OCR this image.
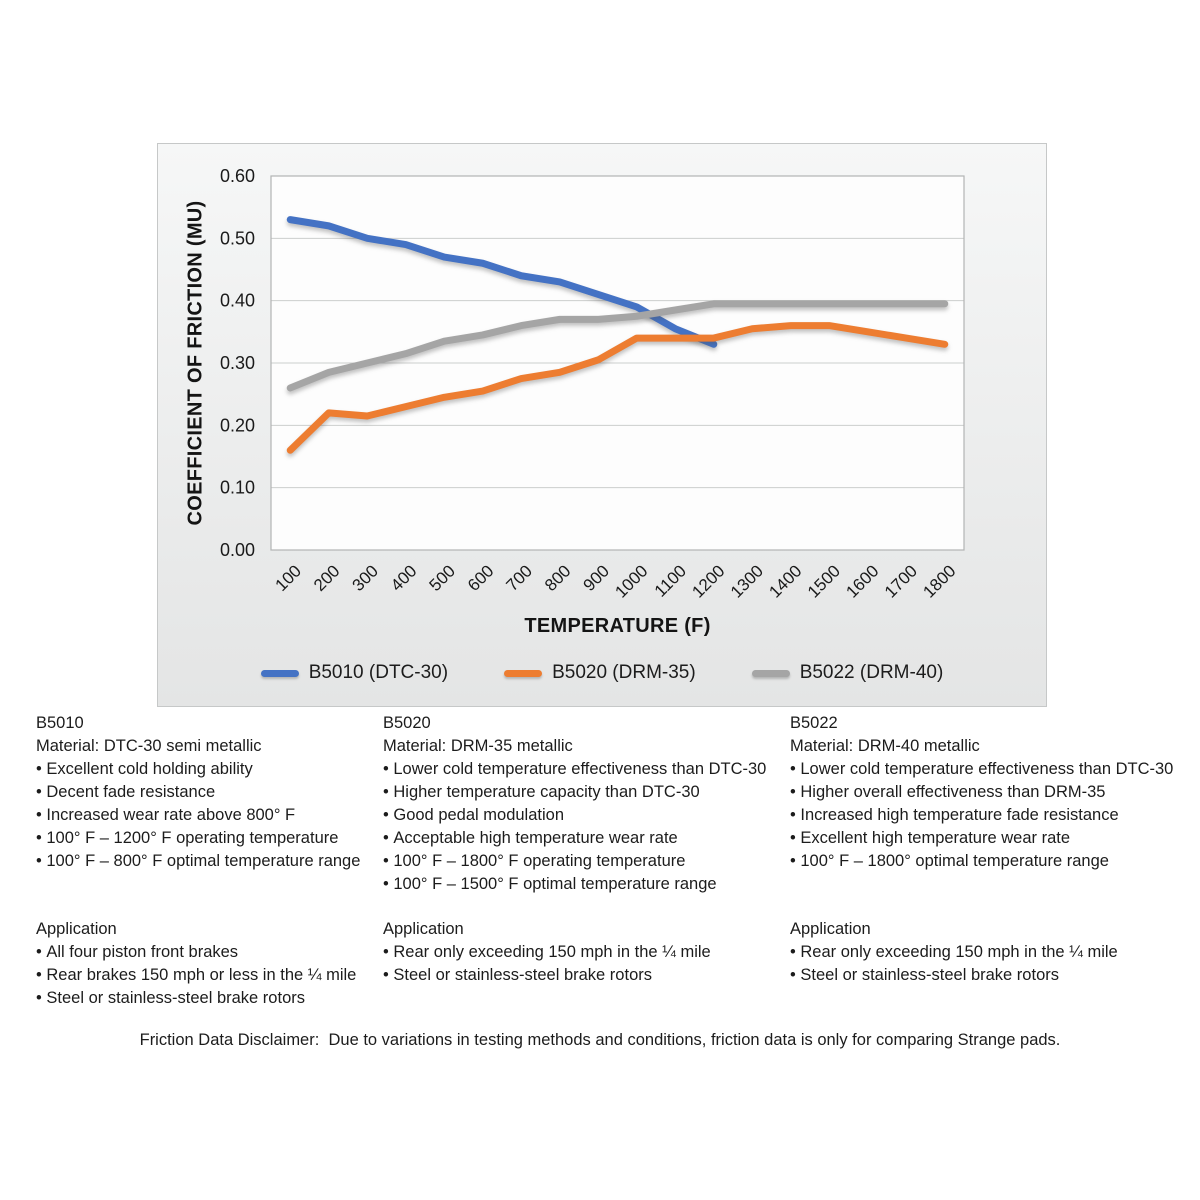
0.00
0.10
0.20
0.30
0.40
0.50
0.60
100 200 300 400 500 600 700 800 900
1000 1100
1200
1300
1400
1500
1600
1700
1800
COEFFICIENT OF FRICTION (MU)
TEMPERATURE (F)
B5010 (DTC-30)	B5020 (DRM-35)	B5022 (DRM-40)
B5010
Material: DTC-30 semi metallic
• Excellent cold holding ability
• Decent fade resistance
• Increased wear rate above 800° F
• 100° F – 1200° F operating temperature
• 100° F – 800° F optimal temperature range
Application
• All four piston front brakes
• Rear brakes 150 mph or less in the ¼ mile
• Steel or stainless-steel brake rotors
B5020
Material: DRM-35 metallic
• Lower cold temperature effectiveness than DTC-30
• Higher temperature capacity than DTC-30
• Good pedal modulation
• Acceptable high temperature wear rate
• 100° F – 1800° F operating temperature
• 100° F – 1500° F optimal temperature range
Application
• Rear only exceeding 150 mph in the ¼ mile
• Steel or stainless-steel brake rotors
B5022
Material: DRM-40 metallic
• Lower cold temperature effectiveness than DTC-30
• Higher overall effectiveness than DRM-35
• Increased high temperature fade resistance
• Excellent high temperature wear rate
• 100° F – 1800° optimal temperature range
Application
• Rear only exceeding 150 mph in the ¼ mile
• Steel or stainless-steel brake rotors
Friction Data Disclaimer:  Due to variations in testing methods and conditions, friction data is only for comparing Strange pads.
